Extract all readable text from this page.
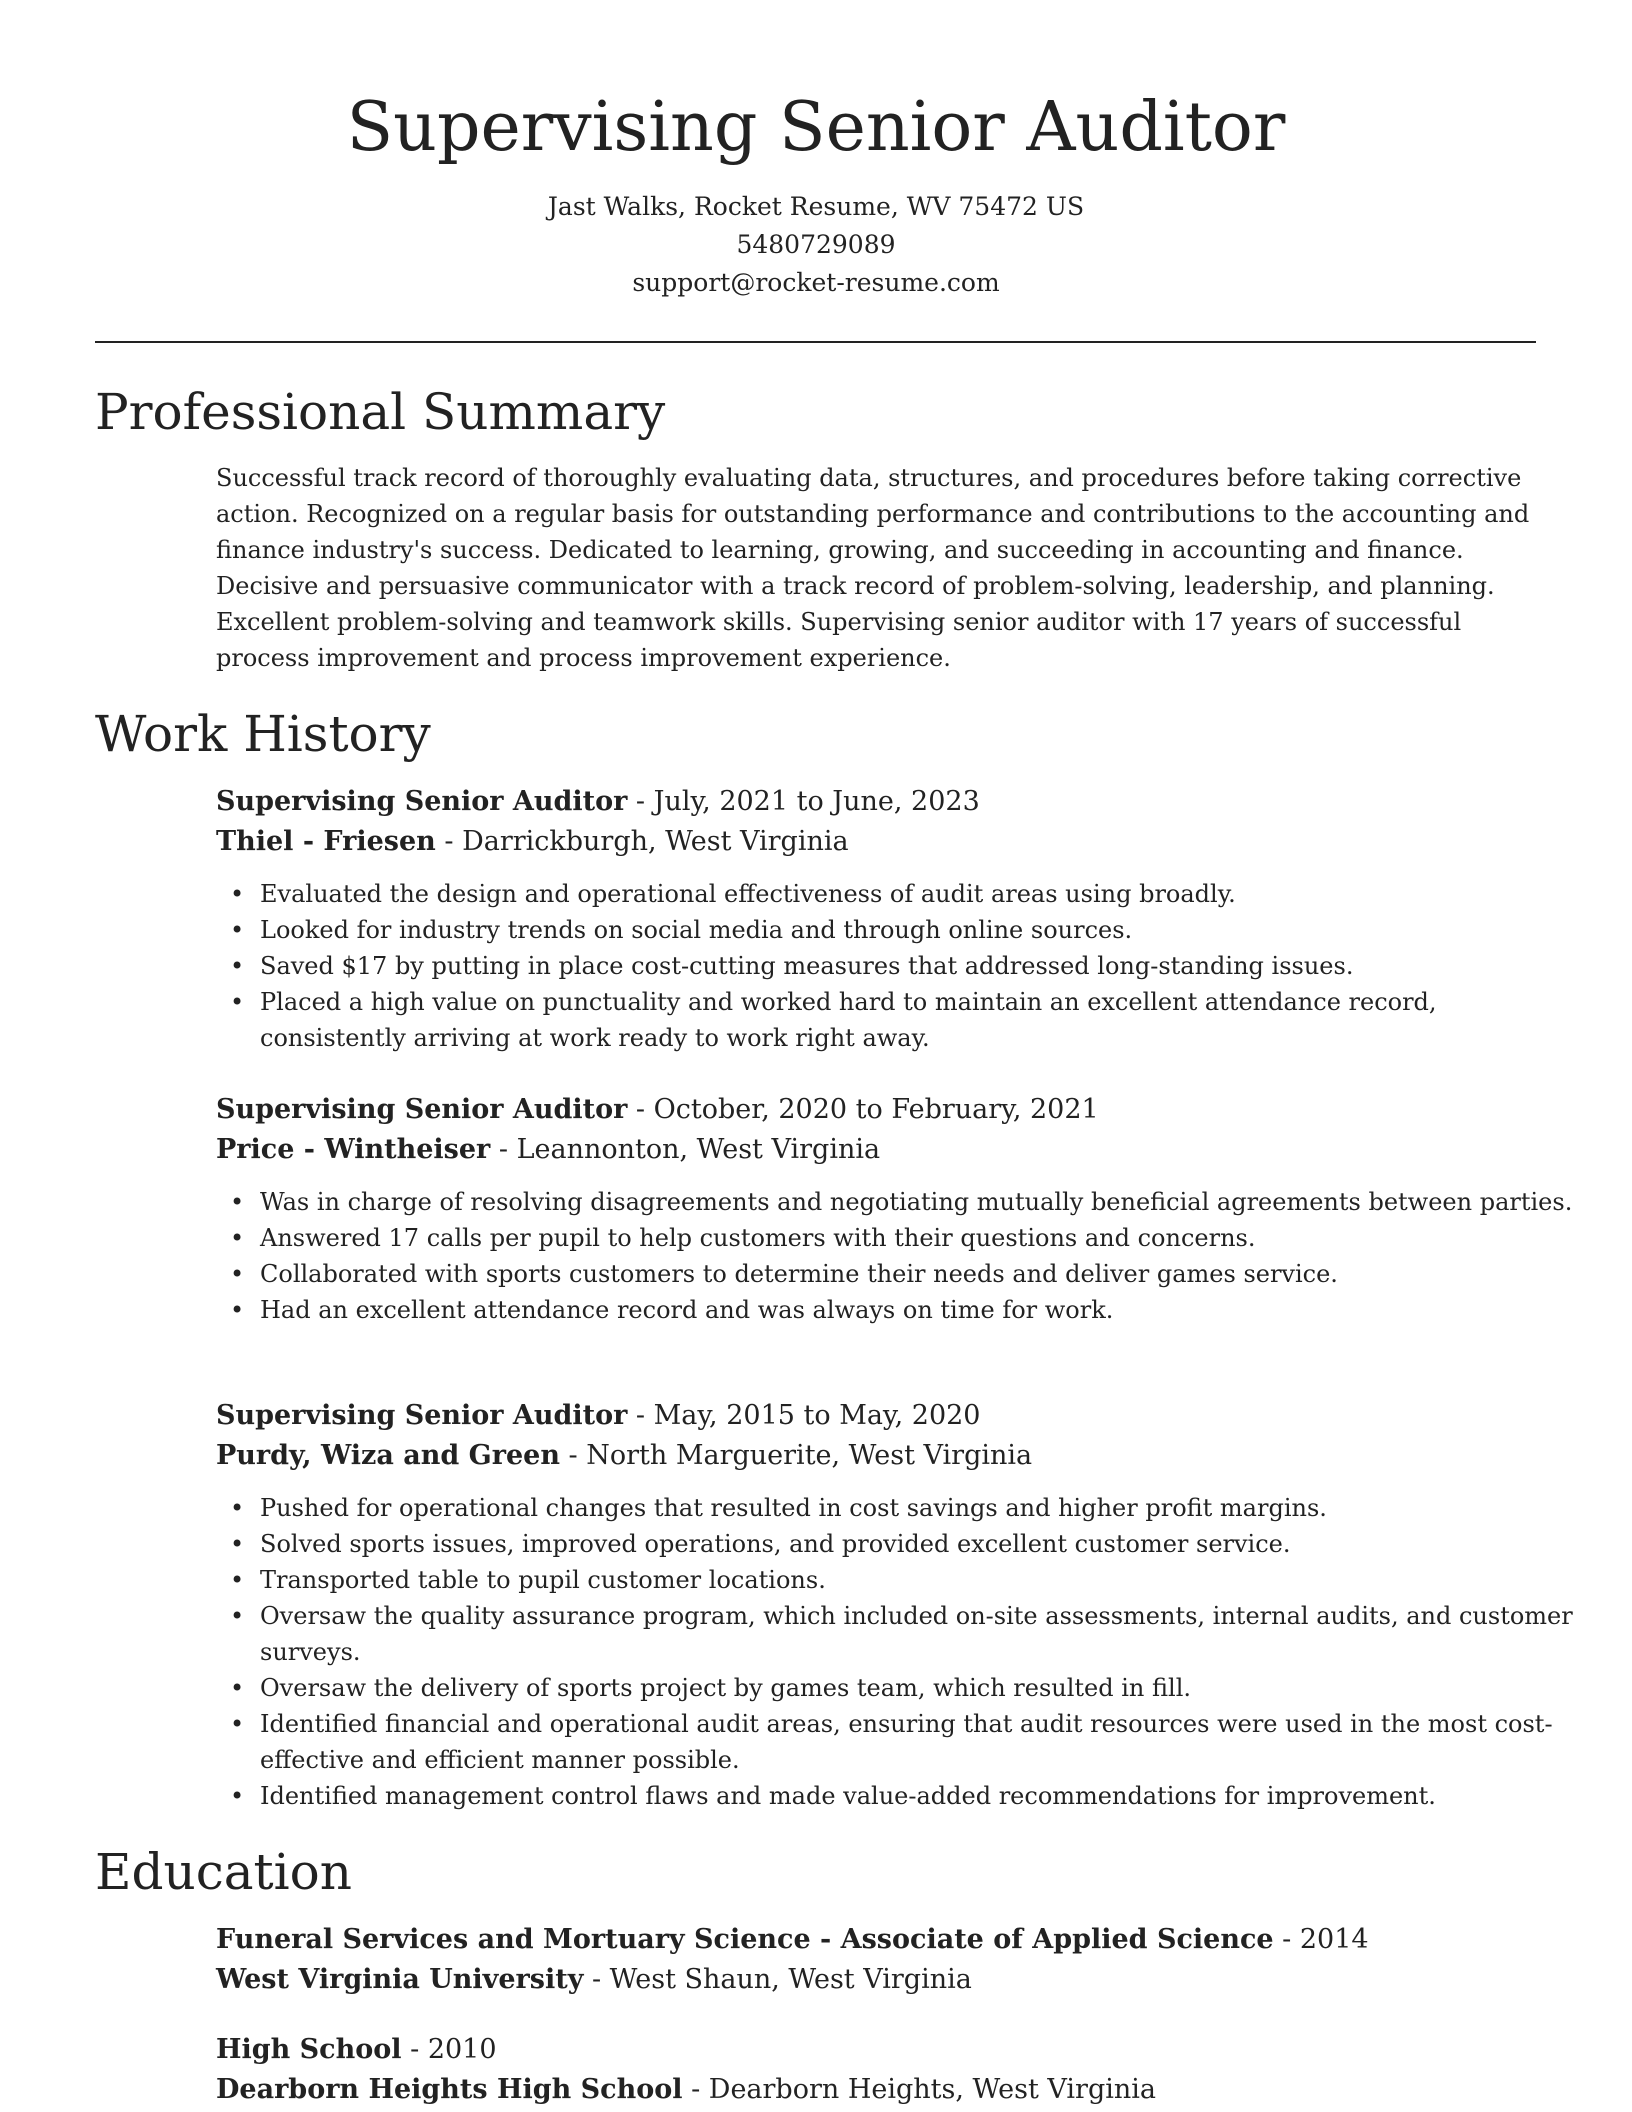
Supervising Senior Auditor

Jast Walks, Rocket Resume, WV 75472 US

5480729089

support@rocket-resume.com

Professional Summary

Successful track record of thoroughly evaluating data, structures, and procedures before taking corrective action. Recognized on a regular basis for outstanding performance and contributions to the accounting and finance industry's success. Dedicated to learning, growing, and succeeding in accounting and finance. Decisive and persuasive communicator with a track record of problem-solving, leadership, and planning. Excellent problem-solving and teamwork skills. Supervising senior auditor with 17 years of successful process improvement and process improvement experience.

Work History

Supervising Senior Auditor - July, 2021 to June, 2023

Thiel - Friesen - Darrickburgh, West Virginia

• Evaluated the design and operational effectiveness of audit areas using broadly.
• Looked for industry trends on social media and through online sources.
• Saved $17 by putting in place cost-cutting measures that addressed long-standing issues.
• Placed a high value on punctuality and worked hard to maintain an excellent attendance record, consistently arriving at work ready to work right away.

Supervising Senior Auditor - October, 2020 to February, 2021

Price - Wintheiser - Leannonton, West Virginia

• Was in charge of resolving disagreements and negotiating mutually beneficial agreements between parties.
• Answered 17 calls per pupil to help customers with their questions and concerns.
• Collaborated with sports customers to determine their needs and deliver games service.
• Had an excellent attendance record and was always on time for work.

Supervising Senior Auditor - May, 2015 to May, 2020

Purdy, Wiza and Green - North Marguerite, West Virginia

• Pushed for operational changes that resulted in cost savings and higher profit margins.
• Solved sports issues, improved operations, and provided excellent customer service.
• Transported table to pupil customer locations.
• Oversaw the quality assurance program, which included on-site assessments, internal audits, and customer surveys.
• Oversaw the delivery of sports project by games team, which resulted in fill.
• Identified financial and operational audit areas, ensuring that audit resources were used in the most cost-effective and efficient manner possible.
• Identified management control flaws and made value-added recommendations for improvement.
Education

Funeral Services and Mortuary Science - Associate of Applied Science - 2014

West Virginia University - West Shaun, West Virginia

High School - 2010

Dearborn Heights High School - Dearborn Heights, West Virginia
